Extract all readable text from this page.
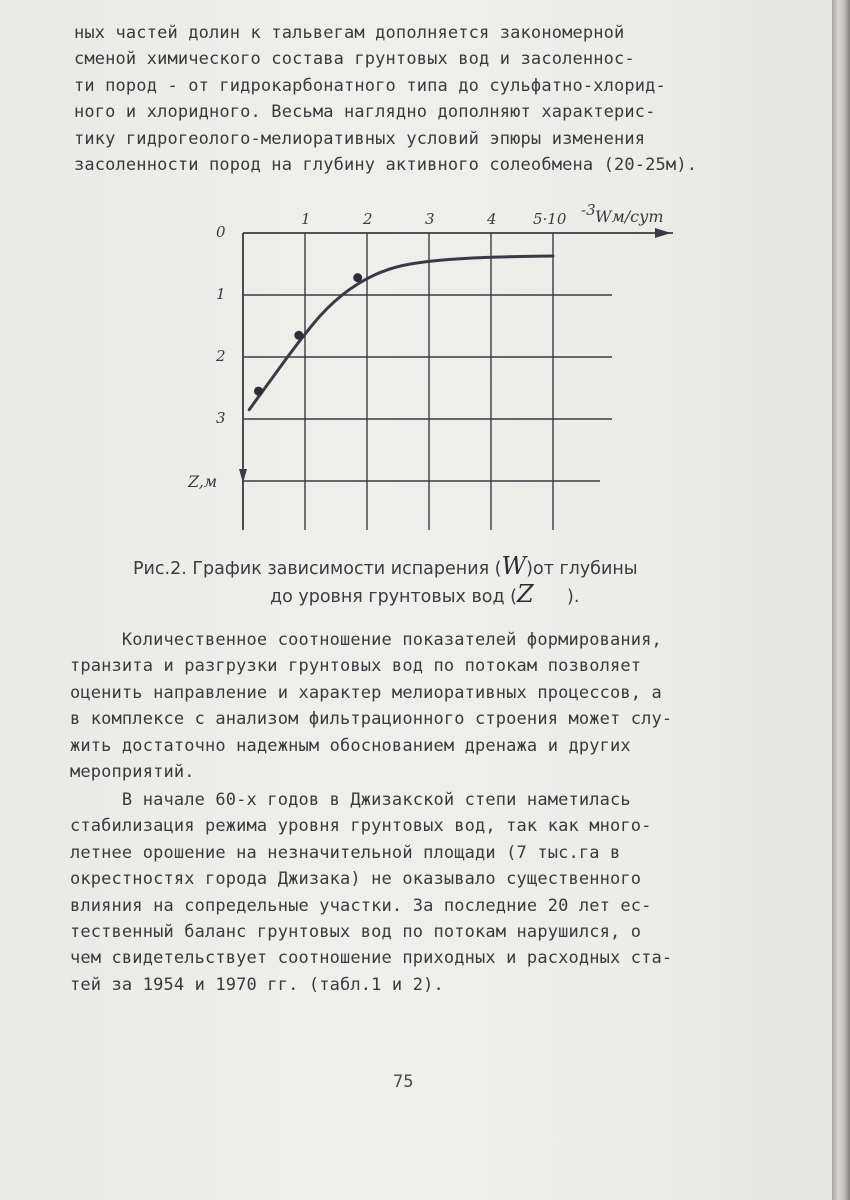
ных частей долин к тальвегам дополняется закономерной
сменой химического состава грунтовых вод и засоленнос-
ти пород - от гидрокарбонатного типа до сульфатно-хлорид-
ного и хлоридного. Весьма наглядно дополняют характерис-
тику гидрогеолого-мелиоративных условий эпюры изменения
засоленности пород на глубину активного солеобмена (20-25м).

1	2	3	4 5·10 -3 Wм/сут
0
1
2
3
Z,м
Рис.2. График зависимости испарения (W)от глубины
до уровня грунтовых вод (Z      ).

Количественное соотношение показателей формирования,
транзита и разгрузки грунтовых вод по потокам позволяет
оценить направление и характер мелиоративных процессов, а
в комплексе с анализом фильтрационного строения может слу-
жить достаточно надежным обоснованием дренажа и других
мероприятий.

В начале 60-х годов в Джизакской степи наметилась
стабилизация режима уровня грунтовых вод, так как много-
летнее орошение на незначительной площади (7 тыс.га в
окрестностях города Джизака) не оказывало существенного
влияния на сопредельные участки. За последние 20 лет ес-
тественный баланс грунтовых вод по потокам нарушился, о
чем свидетельствует соотношение приходных и расходных ста-
тей за 1954 и 1970 гг. (табл.1 и 2).

75
